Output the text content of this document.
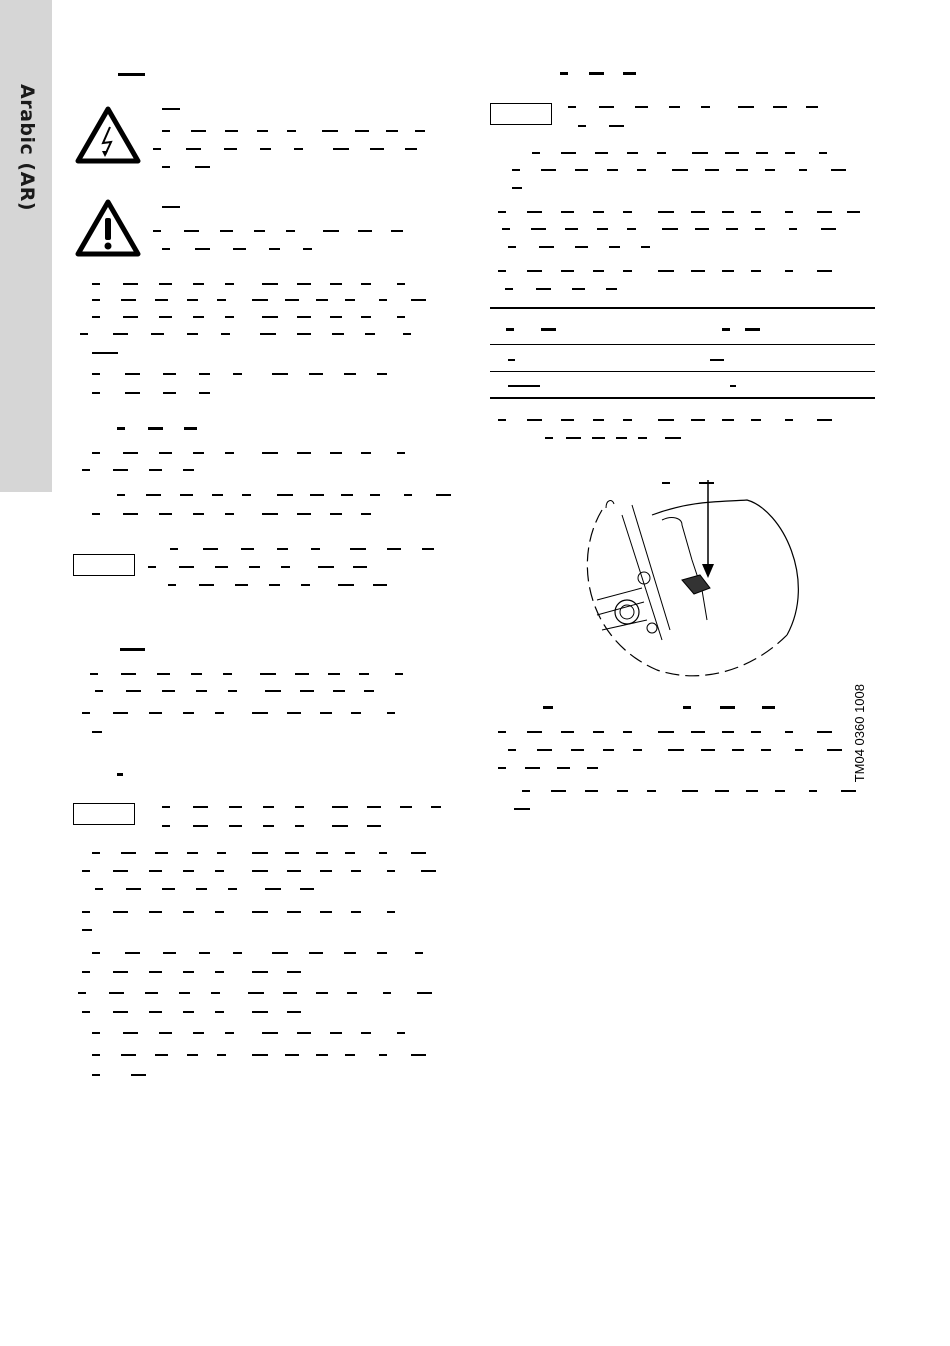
Arabic (AR)
TM04 0360 1008
